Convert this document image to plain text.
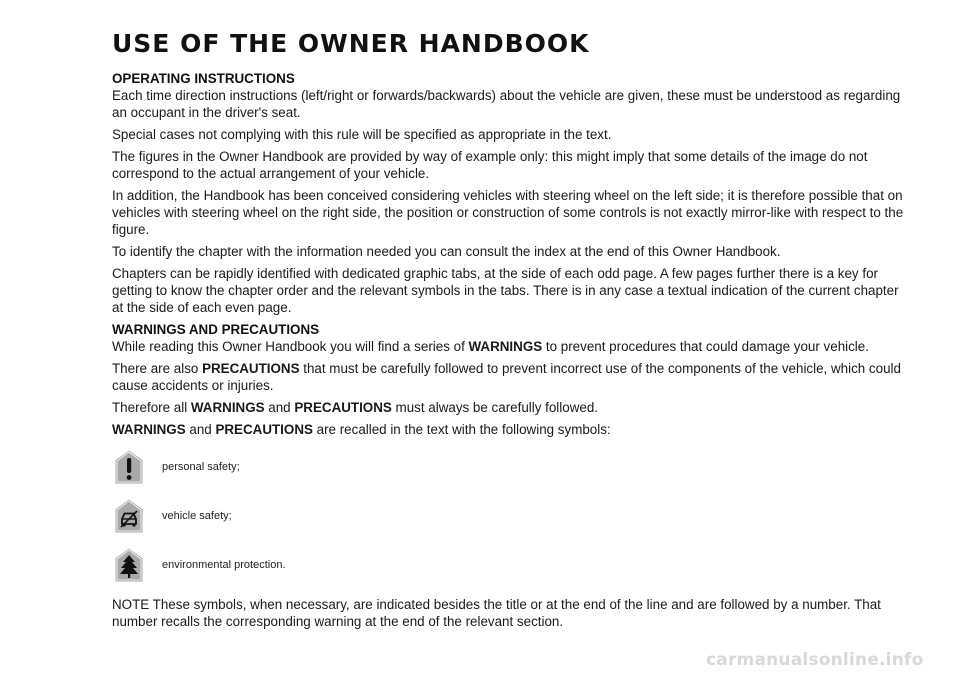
USE OF THE OWNER HANDBOOK
OPERATING INSTRUCTIONS

Each time direction instructions (left/right or forwards/backwards) about the vehicle are given, these must be understood as regarding an occupant in the driver's seat.

Special cases not complying with this rule will be specified as appropriate in the text.

The figures in the Owner Handbook are provided by way of example only: this might imply that some details of the image do not correspond to the actual arrangement of your vehicle.

In addition, the Handbook has been conceived considering vehicles with steering wheel on the left side; it is therefore possible that on vehicles with steering wheel on the right side, the position or construction of some controls is not exactly mirror-like with respect to the figure.

To identify the chapter with the information needed you can consult the index at the end of this Owner Handbook.

Chapters can be rapidly identified with dedicated graphic tabs, at the side of each odd page. A few pages further there is a key for getting to know the chapter order and the relevant symbols in the tabs. There is in any case a textual indication of the current chapter at the side of each even page.

WARNINGS AND PRECAUTIONS

While reading this Owner Handbook you will find a series of WARNINGS to prevent procedures that could damage your vehicle.

There are also PRECAUTIONS that must be carefully followed to prevent incorrect use of the components of the vehicle, which could cause accidents or injuries.

Therefore all WARNINGS and PRECAUTIONS must always be carefully followed.

WARNINGS and PRECAUTIONS are recalled in the text with the following symbols:

personal safety;
vehicle safety;
environmental protection.

NOTE These symbols, when necessary, are indicated besides the title or at the end of the line and are followed by a number. That number recalls the corresponding warning at the end of the relevant section.

carmanualsonline.info
